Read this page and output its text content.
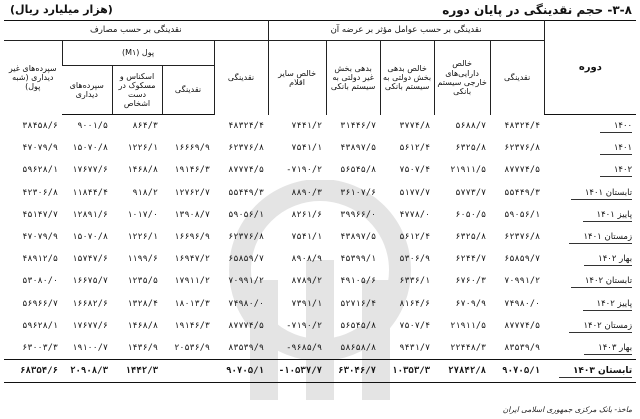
۳-۸- حجم نقدینگی در پایان دوره
(هزار میلیارد ریال)
دوره	نقدینگی بر حسب عوامل مؤثر بر عرضه آن					نقدینگی بر حسب مصارف				
	نقدینگی	خالص دارایی‌های خارجی سیستم بانکی	خالص بدهی بخش دولتی به سیستم بانکی	بدهی بخش غیر دولتی به سیستم بانکی	خالص سایر اقلام	نقدینگی	پول (M۱)			سپرده‌های غیر دیداری (شبه پول)
							نقدینگی	اسکناس و مسکوک در دست اشخاص	سپرده‌های دیداری	
۱۴۰۰	۴۸۳۲۴/۴	۵۶۸۸/۷	۳۷۷۴/۸	۳۱۴۴۶/۷	۷۴۴۱/۲	۴۸۳۲۴/۴		۸۶۴/۳	۹۰۰۱/۵	۳۸۴۵۸/۶
۱۴۰۱	۶۲۳۷۶/۸	۶۳۲۵/۸	۵۶۱۲/۴	۴۳۸۹۷/۵	۷۵۴۱/۱	۶۲۳۷۶/۸	۱۶۶۶۹/۹	۱۲۲۶/۱	۱۵۰۷۰/۸	۴۷۰۷۹/۹
۱۴۰۲	۸۷۷۷۴/۵	۲۱۹۱۱/۵	۷۵۰۷/۴	۵۶۵۴۵/۸	-۷۱۹۰/۲	۸۷۷۷۴/۵	۱۹۱۴۶/۳	۱۴۶۸/۸	۱۷۶۷۷/۶	۵۹۶۲۸/۱
تابستان ۱۴۰۱	۵۵۴۴۹/۳	۵۷۷۳/۷	۵۱۷۷/۷	۳۶۱۰۷/۶	۸۸۹۰/۳	۵۵۴۴۹/۳	۱۲۷۶۲/۷	۹۱۸/۲	۱۱۸۴۴/۴	۴۲۳۰۶/۸
پاییز ۱۴۰۱	۵۹۰۵۶/۱	۶۰۵۰/۵	۴۷۷۸/۰	۳۹۹۶۶/۰	۸۲۶۱/۶	۵۹۰۵۶/۱	۱۳۹۰۸/۷	۱۰۱۷/۰	۱۲۸۹۱/۶	۴۵۱۴۷/۷
زمستان ۱۴۰۱	۶۲۳۷۶/۸	۶۳۲۵/۸	۵۶۱۲/۴	۴۳۸۹۷/۵	۷۵۴۱/۱	۶۲۳۷۶/۸	۱۶۶۹۶/۹	۱۲۲۶/۱	۱۵۰۷۰/۸	۴۷۰۷۹/۹
بهار ۱۴۰۲	۶۵۸۵۹/۷	۶۲۴۴/۷	۵۳۰۶/۹	۴۵۳۹۹/۱	۸۹۰۸/۹	۶۵۸۵۹/۷	۱۶۹۴۷/۲	۱۱۹۹/۶	۱۵۷۴۷/۶	۴۸۹۱۲/۵
تابستان ۱۴۰۲	۷۰۹۹۱/۲	۶۷۶۰/۳	۶۳۳۶/۱	۴۹۱۰۵/۶	۸۷۸۹/۲	۷۰۹۹۱/۲	۱۷۹۱۱/۲	۱۲۳۵/۵	۱۶۶۷۵/۷	۵۳۰۸۰/۰
پاییز ۱۴۰۲	۷۴۹۸۰/۰	۶۷۰۹/۹	۸۱۶۴/۶	۵۲۷۱۶/۴	۷۳۹۱/۱	۷۴۹۸۰/۰	۱۸۰۱۳/۳	۱۳۲۸/۴	۱۶۶۸۲/۶	۵۶۹۶۶/۷
زمستان ۱۴۰۲	۸۷۷۷۴/۵	۲۱۹۱۱/۵	۷۵۰۷/۴	۵۶۵۴۵/۸	-۷۱۹۰/۲	۸۷۷۷۴/۵	۱۹۱۴۶/۳	۱۴۶۸/۸	۱۷۶۷۷/۶	۵۹۶۲۸/۱
بهار ۱۴۰۳	۸۳۵۳۹/۹	۲۲۴۴۸/۳	۹۴۳۱/۷	۵۸۶۵۸/۸	-۹۶۸۵/۹	۸۳۵۳۹/۹	۲۰۵۳۶/۹	۱۴۳۶/۹	۱۹۱۰۰/۷	۶۳۰۰۳/۳
تابستان ۱۴۰۳	۹۰۷۰۵/۱	۲۷۸۴۲/۸	۱۰۳۵۳/۳	۶۳۰۴۶/۷	-۱۰۵۳۷/۷	۹۰۷۰۵/۱		۱۴۴۲/۳	۲۰۹۰۸/۳	۶۸۳۵۴/۶
ماخذ- بانک مرکزی جمهوری اسلامی ایران
